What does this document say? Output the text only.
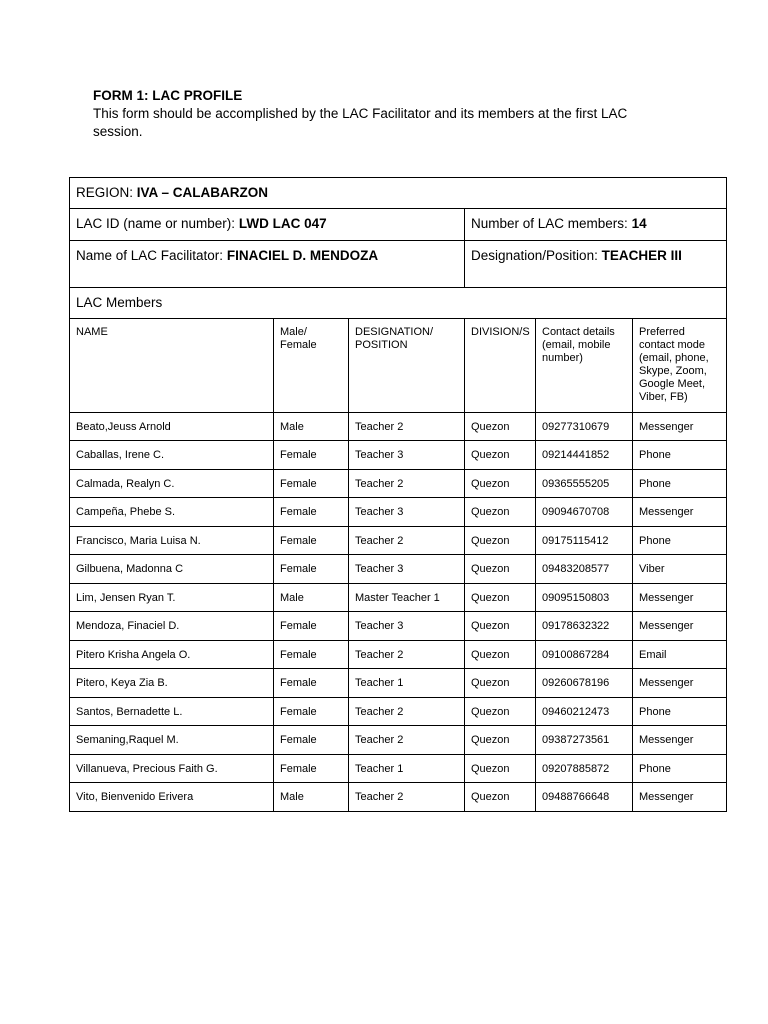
FORM 1: LAC PROFILE
This form should be accomplished by the LAC Facilitator and its members at the first LAC session.
REGION: IVA – CALABARZON					
LAC ID (name or number): LWD LAC 047			Number of LAC members: 14		
Name of LAC Facilitator: FINACIEL D. MENDOZA			Designation/Position: TEACHER III		
LAC Members					
NAME	Male/ Female	DESIGNATION/ POSITION	DIVISION/S	Contact details (email, mobile number)	Preferred contact mode (email, phone, Skype, Zoom, Google Meet, Viber, FB)
Beato,Jeuss Arnold	Male	Teacher 2	Quezon	09277310679	Messenger
Caballas, Irene C.	Female	Teacher 3	Quezon	09214441852	Phone
Calmada, Realyn C.	Female	Teacher 2	Quezon	09365555205	Phone
Campeña, Phebe S.	Female	Teacher 3	Quezon	09094670708	Messenger
Francisco, Maria Luisa N.	Female	Teacher 2	Quezon	09175115412	Phone
Gilbuena, Madonna C	Female	Teacher 3	Quezon	09483208577	Viber
Lim, Jensen Ryan T.	Male	Master Teacher 1	Quezon	09095150803	Messenger
Mendoza, Finaciel D.	Female	Teacher 3	Quezon	09178632322	Messenger
Pitero Krisha Angela O.	Female	Teacher 2	Quezon	09100867284	Email
Pitero, Keya Zia B.	Female	Teacher 1	Quezon	09260678196	Messenger
Santos, Bernadette L.	Female	Teacher 2	Quezon	09460212473	Phone
Semaning,Raquel M.	Female	Teacher 2	Quezon	09387273561	Messenger
Villanueva, Precious Faith G.	Female	Teacher 1	Quezon	09207885872	Phone
Vito, Bienvenido Erivera	Male	Teacher 2	Quezon	09488766648	Messenger
